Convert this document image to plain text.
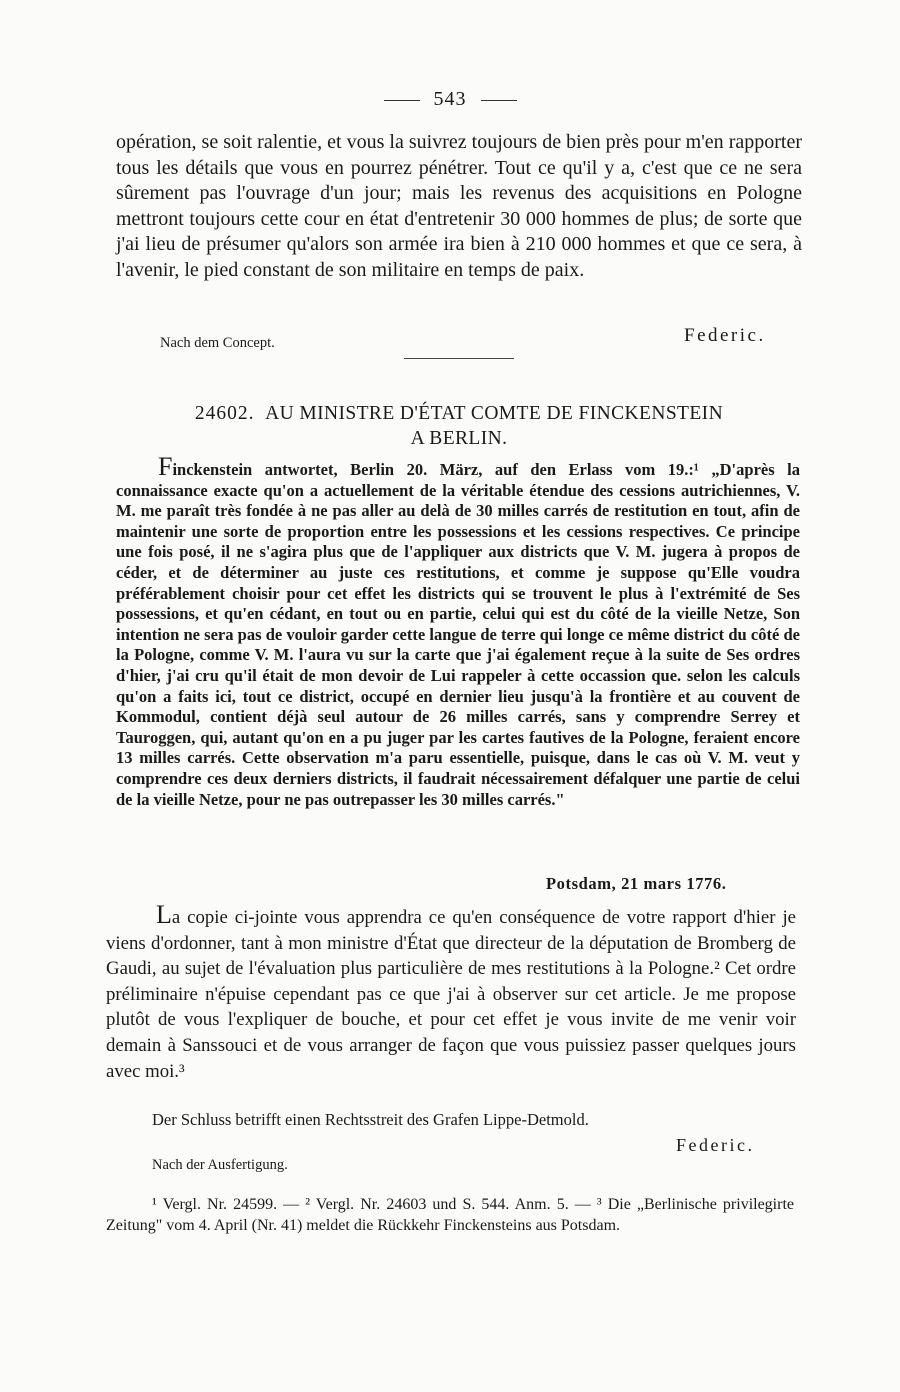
543
opération, se soit ralentie, et vous la suivrez toujours de bien près pour m'en rapporter tous les détails que vous en pourrez pénétrer. Tout ce qu'il y a, c'est que ce ne sera sûrement pas l'ouvrage d'un jour; mais les revenus des acquisitions en Pologne mettront toujours cette cour en état d'entretenir 30 000 hommes de plus; de sorte que j'ai lieu de présumer qu'alors son armée ira bien à 210 000 hommes et que ce sera, à l'avenir, le pied constant de son militaire en temps de paix.
Nach dem Concept.	Federic.
24602. AU MINISTRE D'ÉTAT COMTE DE FINCKENSTEIN
A BERLIN.
Finckenstein antwortet, Berlin 20. März, auf den Erlass vom 19.:¹ „D'après la connaissance exacte qu'on a actuellement de la véritable étendue des cessions autrichiennes, V. M. me paraît très fondée à ne pas aller au delà de 30 milles carrés de restitution en tout, afin de maintenir une sorte de proportion entre les possessions et les cessions respectives. Ce principe une fois posé, il ne s'agira plus que de l'appliquer aux districts que V. M. jugera à propos de céder, et de déterminer au juste ces restitutions, et comme je suppose qu'Elle voudra préférablement choisir pour cet effet les districts qui se trouvent le plus à l'extrémité de Ses possessions, et qu'en cédant, en tout ou en partie, celui qui est du côté de la vieille Netze, Son intention ne sera pas de vouloir garder cette langue de terre qui longe ce même district du côté de la Pologne, comme V. M. l'aura vu sur la carte que j'ai également reçue à la suite de Ses ordres d'hier, j'ai cru qu'il était de mon devoir de Lui rappeler à cette occassion que. selon les calculs qu'on a faits ici, tout ce district, occupé en dernier lieu jusqu'à la frontière et au couvent de Kommodul, contient déjà seul autour de 26 milles carrés, sans y comprendre Serrey et Tauroggen, qui, autant qu'on en a pu juger par les cartes fautives de la Pologne, feraient encore 13 milles carrés. Cette observation m'a paru essentielle, puisque, dans le cas où V. M. veut y comprendre ces deux derniers districts, il faudrait nécessairement défalquer une partie de celui de la vieille Netze, pour ne pas outrepasser les 30 milles carrés."
Potsdam, 21 mars 1776.
La copie ci-jointe vous apprendra ce qu'en conséquence de votre rapport d'hier je viens d'ordonner, tant à mon ministre d'État que directeur de la députation de Bromberg de Gaudi, au sujet de l'évaluation plus particulière de mes restitutions à la Pologne.² Cet ordre préliminaire n'épuise cependant pas ce que j'ai à observer sur cet article. Je me propose plutôt de vous l'expliquer de bouche, et pour cet effet je vous invite de me venir voir demain à Sanssouci et de vous arranger de façon que vous puissiez passer quelques jours avec moi.³
Der Schluss betrifft einen Rechtsstreit des Grafen Lippe-Detmold.
Federic.
Nach der Ausfertigung.
¹ Vergl. Nr. 24599. — ² Vergl. Nr. 24603 und S. 544. Anm. 5. — ³ Die „Berlinische privilegirte Zeitung" vom 4. April (Nr. 41) meldet die Rückkehr Finckensteins aus Potsdam.
